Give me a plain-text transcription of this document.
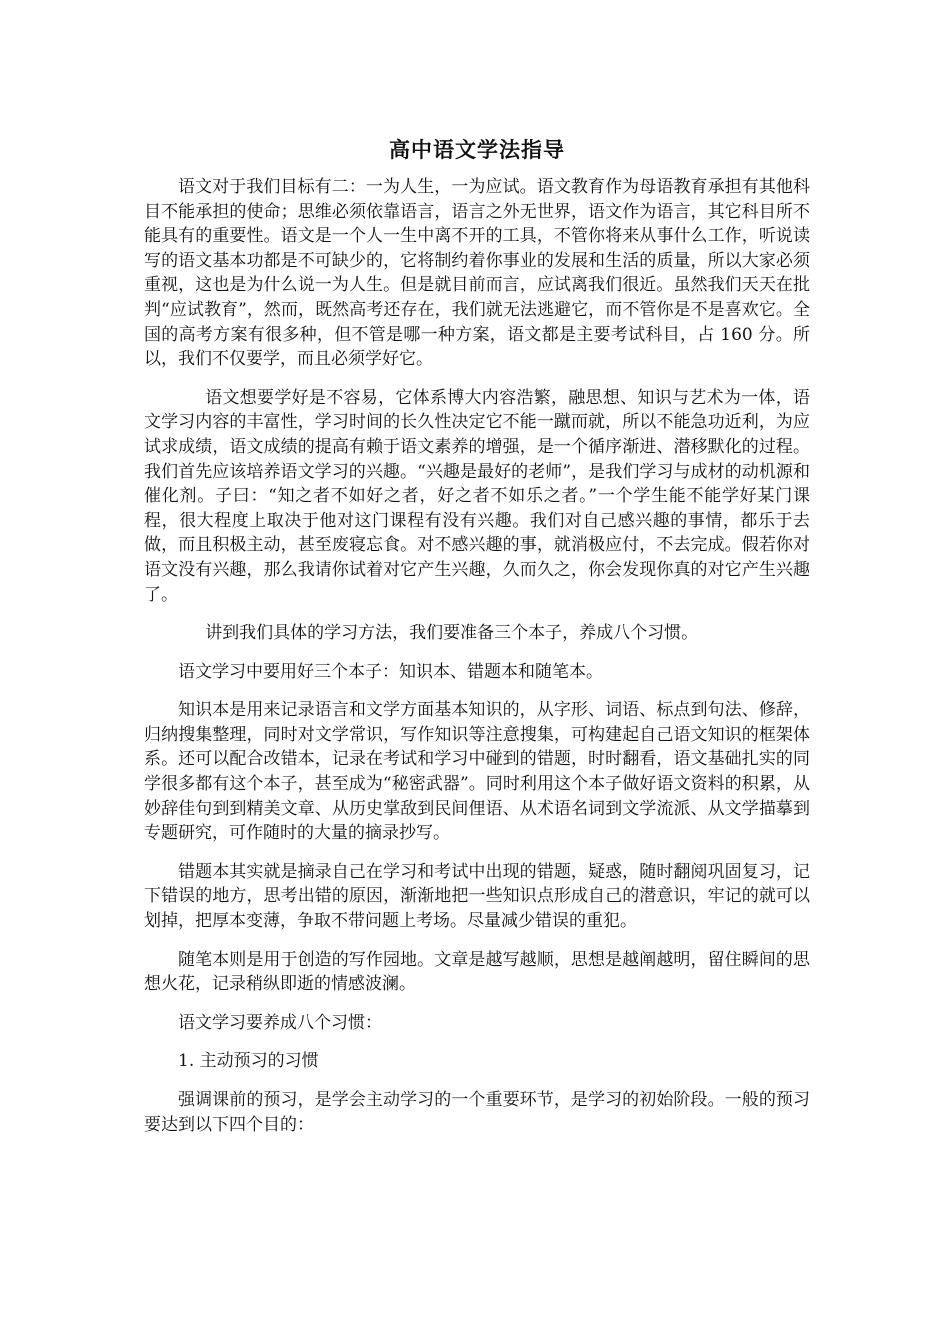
高中语文学法指导

语文对于我们目标有二：一为人生，一为应试。语文教育作为母语教育承担有其他科目不能承担的使命；思维必须依靠语言，语言之外无世界，语文作为语言，其它科目所不能具有的重要性。语文是一个人一生中离不开的工具，不管你将来从事什么工作，听说读写的语文基本功都是不可缺少的，它将制约着你事业的发展和生活的质量，所以大家必须重视，这也是为什么说一为人生。但是就目前而言，应试离我们很近。虽然我们天天在批判“应试教育”，然而，既然高考还存在，我们就无法逃避它，而不管你是不是喜欢它。全国的高考方案有很多种，但不管是哪一种方案，语文都是主要考试科目，占 160 分。所以，我们不仅要学，而且必须学好它。

语文想要学好是不容易，它体系博大内容浩繁，融思想、知识与艺术为一体，语文学习内容的丰富性，学习时间的长久性决定它不能一蹴而就，所以不能急功近利，为应试求成绩，语文成绩的提高有赖于语文素养的增强，是一个循序渐进、潜移默化的过程。我们首先应该培养语文学习的兴趣。“兴趣是最好的老师”，是我们学习与成材的动机源和催化剂。子曰：“知之者不如好之者，好之者不如乐之者。”一个学生能不能学好某门课程，很大程度上取决于他对这门课程有没有兴趣。我们对自己感兴趣的事情，都乐于去做，而且积极主动，甚至废寝忘食。对不感兴趣的事，就消极应付，不去完成。假若你对语文没有兴趣，那么我请你试着对它产生兴趣，久而久之，你会发现你真的对它产生兴趣了。

讲到我们具体的学习方法，我们要准备三个本子，养成八个习惯。

语文学习中要用好三个本子：知识本、错题本和随笔本。

知识本是用来记录语言和文学方面基本知识的，从字形、词语、标点到句法、修辞，归纳搜集整理，同时对文学常识，写作知识等注意搜集，可构建起自己语文知识的框架体系。还可以配合改错本，记录在考试和学习中碰到的错题，时时翻看，语文基础扎实的同学很多都有这个本子，甚至成为“秘密武器”。同时利用这个本子做好语文资料的积累，从妙辞佳句到到精美文章、从历史掌敌到民间俚语、从术语名词到文学流派、从文学描摹到专题研究，可作随时的大量的摘录抄写。

错题本其实就是摘录自己在学习和考试中出现的错题，疑惑，随时翻阅巩固复习，记下错误的地方，思考出错的原因，渐渐地把一些知识点形成自己的潜意识，牢记的就可以划掉，把厚本变薄，争取不带问题上考场。尽量减少错误的重犯。

随笔本则是用于创造的写作园地。文章是越写越顺，思想是越阐越明，留住瞬间的思想火花，记录稍纵即逝的情感波澜。

语文学习要养成八个习惯：

1. 主动预习的习惯

强调课前的预习，是学会主动学习的一个重要环节，是学习的初始阶段。一般的预习要达到以下四个目的：
